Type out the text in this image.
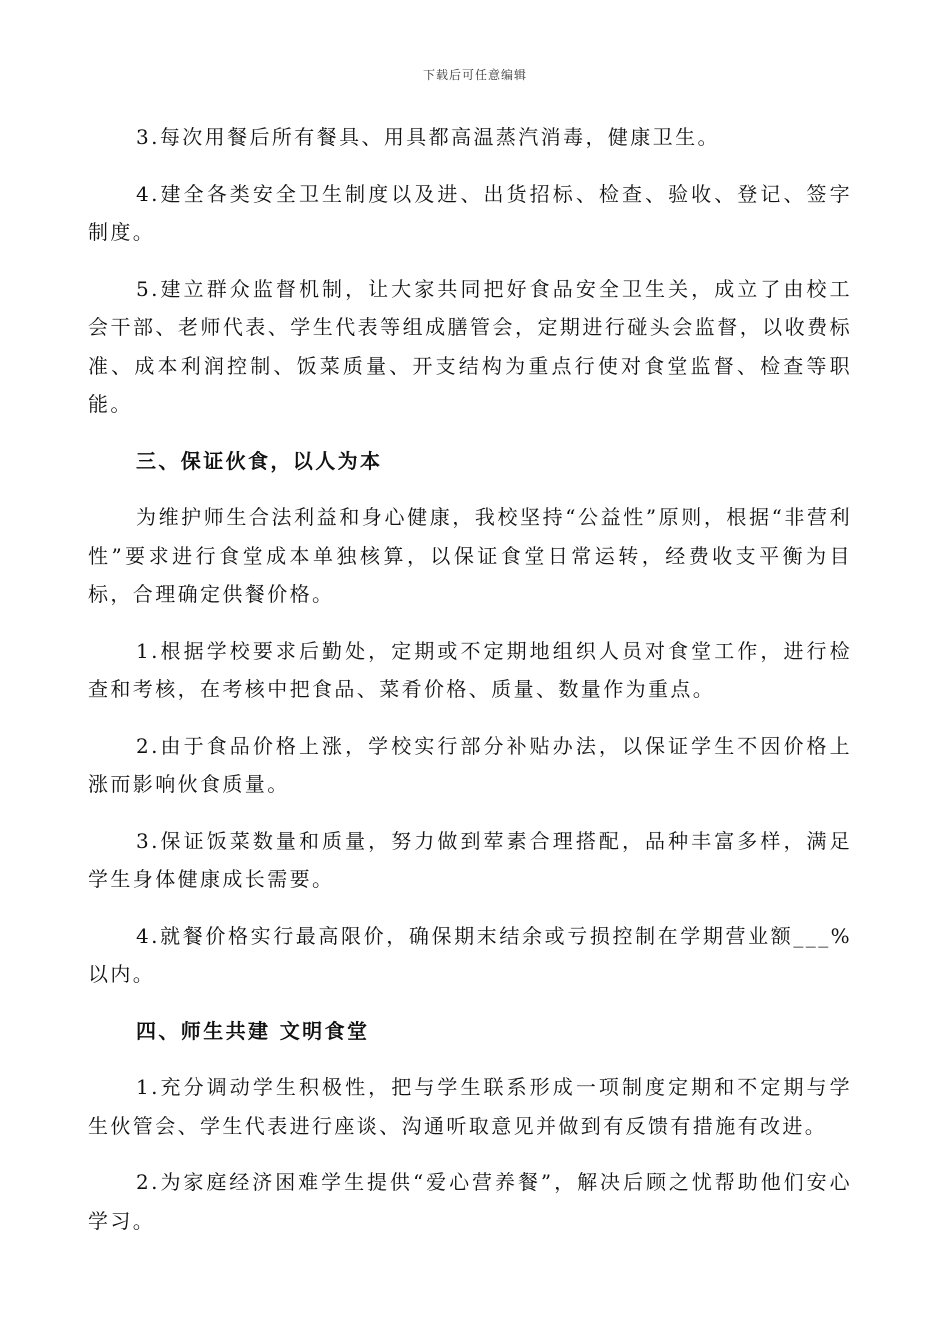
下载后可任意编辑

3.每次用餐后所有餐具、用具都高温蒸汽消毒，健康卫生。

4.建全各类安全卫生制度以及进、出货招标、检查、验收、登记、签字制度。

5.建立群众监督机制，让大家共同把好食品安全卫生关，成立了由校工会干部、老师代表、学生代表等组成膳管会，定期进行碰头会监督，以收费标准、成本利润控制、饭菜质量、开支结构为重点行使对食堂监督、检查等职能。

三、保证伙食，以人为本

为维护师生合法利益和身心健康，我校坚持“公益性”原则，根据“非营利性”要求进行食堂成本单独核算，以保证食堂日常运转，经费收支平衡为目标，合理确定供餐价格。

1.根据学校要求后勤处，定期或不定期地组织人员对食堂工作，进行检查和考核，在考核中把食品、菜肴价格、质量、数量作为重点。

2.由于食品价格上涨，学校实行部分补贴办法，以保证学生不因价格上涨而影响伙食质量。

3.保证饭菜数量和质量，努力做到荤素合理搭配，品种丰富多样，满足学生身体健康成长需要。

4.就餐价格实行最高限价，确保期末结余或亏损控制在学期营业额___%以内。

四、师生共建 文明食堂

1.充分调动学生积极性，把与学生联系形成一项制度定期和不定期与学生伙管会、学生代表进行座谈、沟通听取意见并做到有反馈有措施有改进。

2.为家庭经济困难学生提供“爱心营养餐”，解决后顾之忧帮助他们安心学习。
